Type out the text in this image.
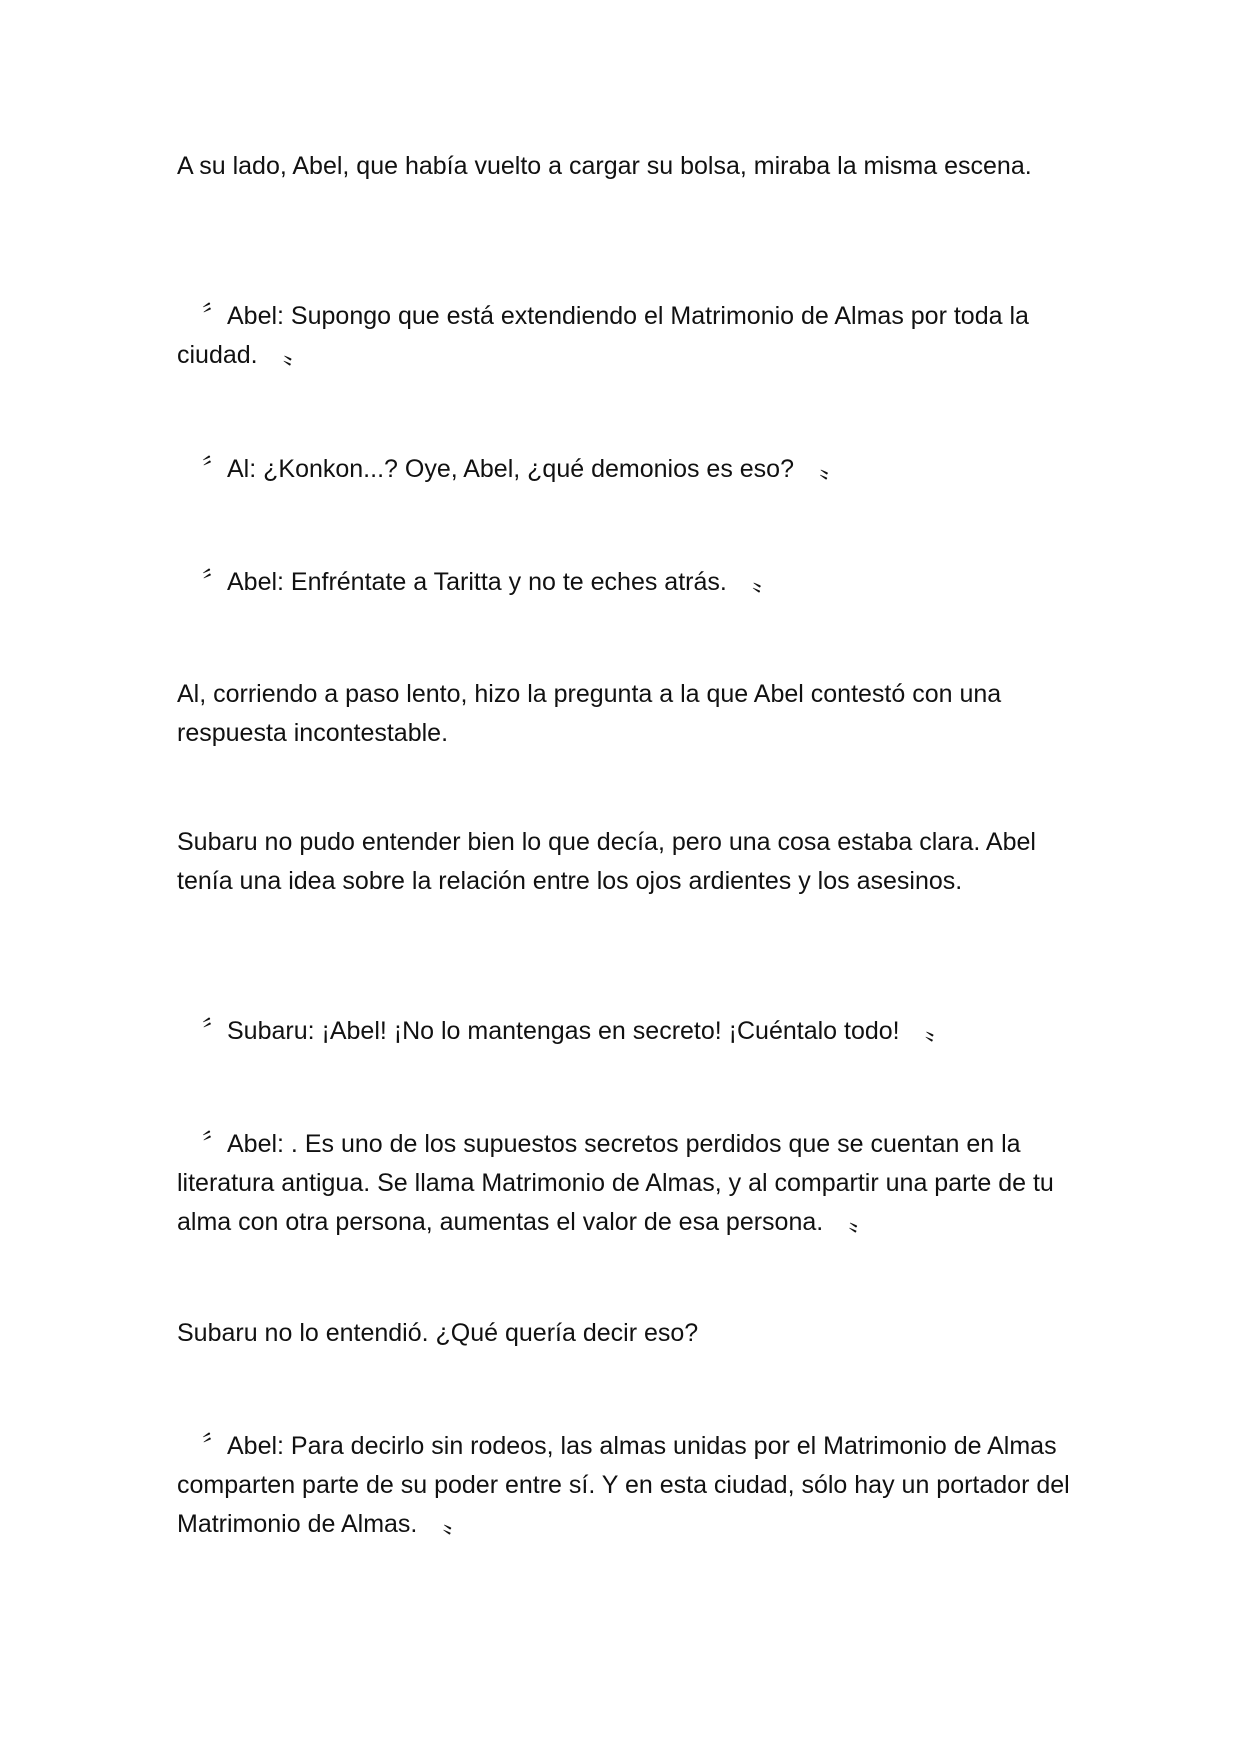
A su lado, Abel, que había vuelto a cargar su bolsa, miraba la misma escena.

　〞Abel: Supongo que está extendiendo el Matrimonio de Almas por toda la ciudad.　〟

　〞Al: ¿Konkon...? Oye, Abel, ¿qué demonios es eso?　〟

　〞Abel: Enfréntate a Taritta y no te eches atrás.　〟

Al, corriendo a paso lento, hizo la pregunta a la que Abel contestó con una respuesta incontestable.

Subaru no pudo entender bien lo que decía, pero una cosa estaba clara. Abel tenía una idea sobre la relación entre los ojos ardientes y los asesinos.

　〞Subaru: ¡Abel! ¡No lo mantengas en secreto! ¡Cuéntalo todo!　〟

　〞Abel: . Es uno de los supuestos secretos perdidos que se cuentan en la literatura antigua. Se llama Matrimonio de Almas, y al compartir una parte de tu alma con otra persona, aumentas el valor de esa persona.　〟

Subaru no lo entendió. ¿Qué quería decir eso?

　〞Abel: Para decirlo sin rodeos, las almas unidas por el Matrimonio de Almas comparten parte de su poder entre sí. Y en esta ciudad, sólo hay un portador del Matrimonio de Almas.　〟
